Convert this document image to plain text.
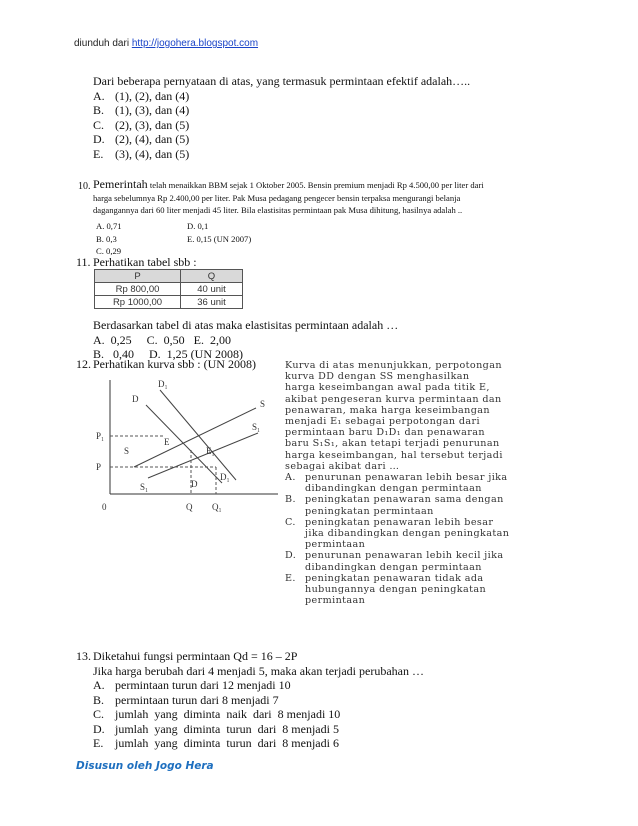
diunduh dari http://jogohera.blogspot.com
Dari beberapa pernyataan di atas, yang termasuk permintaan efektif adalah…..
A. (1), (2), dan (4)
B. (1), (3), dan (4)
C. (2), (3), dan (5)
D. (2), (4), dan (5)
E. (3), (4), dan (5)
10. Pemerintah telah menaikkan BBM sejak 1 Oktober 2005. Bensin premium menjadi Rp 4.500,00 per liter dari
harga sebelumnya Rp 2.400,00 per liter. Pak Musa pedagang pengecer bensin terpaksa mengurangi belanja
dagangannya dari 60 liter menjadi 45 liter. Bila elastisitas permintaan pak Musa dihitung, hasilnya adalah ..
A. 0,71
B. 0,3
C. 0,29
D. 0,1
E. 0,15 (UN 2007)
11. Perhatikan tabel sbb :
P	Q
Rp 800,00	40 unit
Rp 1000,00	36 unit
Berdasarkan tabel di atas maka elastisitas permintaan adalah …
A.  0,25     C.  0,50   E.  2,00
B.   0,40     D.  1,25 (UN 2008)
12. Perhatikan kurva sbb : (UN 2008)
D₁
D	S
S₁
P₁
P
E₁
E
S
S₁	D
D₁
0	Q Q₁
Kurva di atas menunjukkan, perpotongan
kurva DD dengan SS menghasilkan
harga keseimbangan awal pada titik E,
akibat pengeseran kurva permintaan dan
penawaran, maka harga keseimbangan
menjadi E₁ sebagai perpotongan dari
permintaan baru D₁D₁ dan penawaran
baru S₁S₁, akan tetapi terjadi penurunan
harga keseimbangan, hal tersebut terjadi
sebagai akibat dari …
A. penurunan penawaran lebih besar jika
dibandingkan dengan permintaan
B. peningkatan penawaran sama dengan
peningkatan permintaan
C. peningkatan penawaran lebih besar
jika dibandingkan dengan peningkatan
permintaan
D. penurunan penawaran lebih kecil jika
dibandingkan dengan permintaan
E. peningkatan penawaran tidak ada
hubungannya dengan peningkatan
permintaan
13. Diketahui fungsi permintaan Qd = 16 – 2P
Jika harga berubah dari 4 menjadi 5, maka akan terjadi perubahan …
A. permintaan turun dari 12 menjadi 10
B. permintaan turun dari 8 menjadi 7
C. jumlah  yang  diminta  naik  dari  8 menjadi 10
D. jumlah  yang  diminta  turun  dari  8 menjadi 5
E. jumlah  yang  diminta  turun  dari  8 menjadi 6
Disusun oleh Jogo Hera
